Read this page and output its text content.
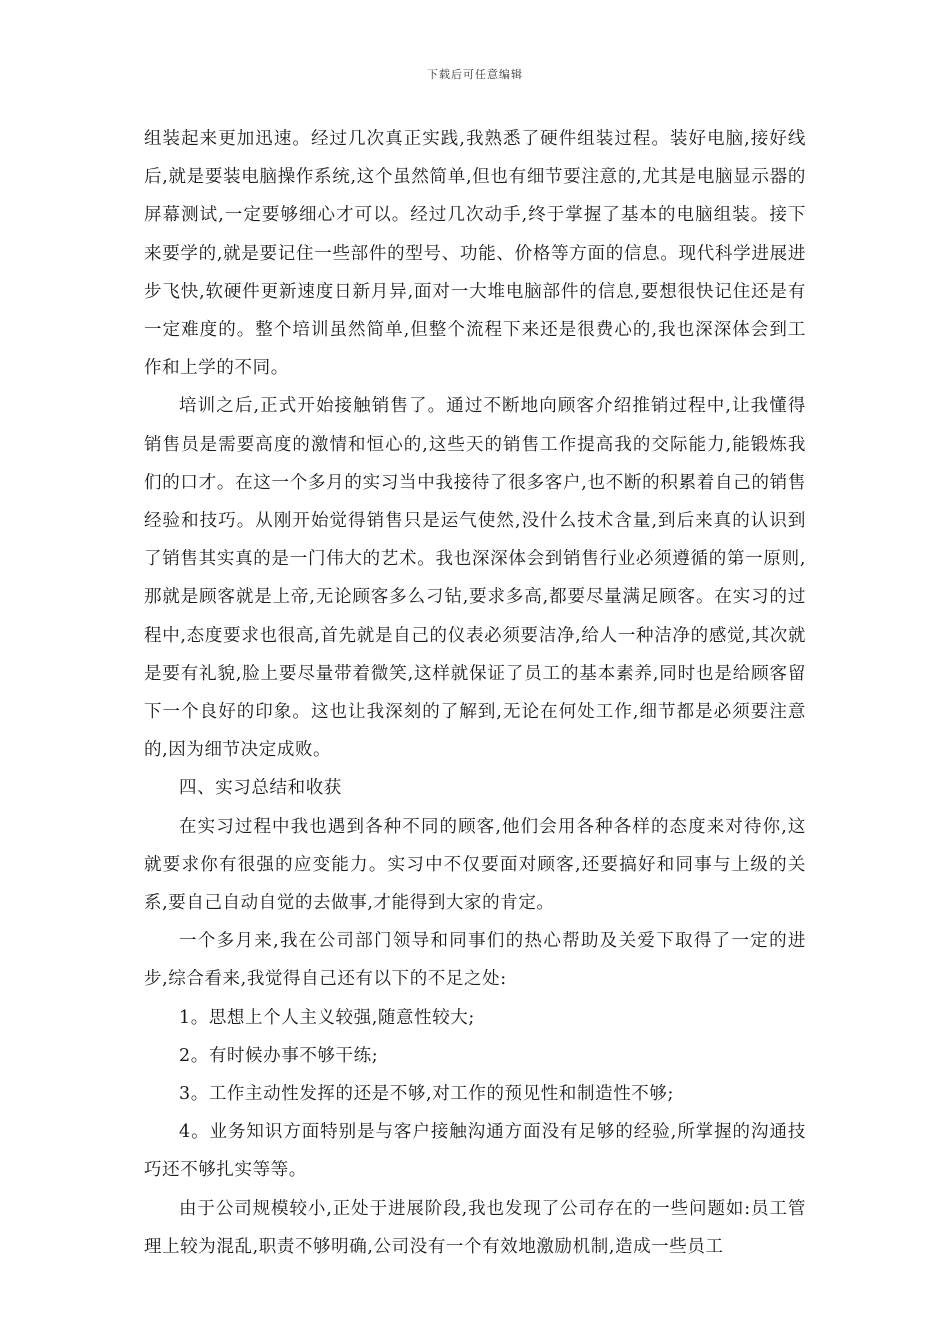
下载后可任意编辑

组装起来更加迅速。经过几次真正实践,我熟悉了硬件组装过程。装好电脑,接好线后,就是要装电脑操作系统,这个虽然简单,但也有细节要注意的,尤其是电脑显示器的屏幕测试,一定要够细心才可以。经过几次动手,终于掌握了基本的电脑组装。接下来要学的,就是要记住一些部件的型号、功能、价格等方面的信息。现代科学进展进步飞快,软硬件更新速度日新月异,面对一大堆电脑部件的信息,要想很快记住还是有一定难度的。整个培训虽然简单,但整个流程下来还是很费心的,我也深深体会到工作和上学的不同。

培训之后,正式开始接触销售了。通过不断地向顾客介绍推销过程中,让我懂得销售员是需要高度的激情和恒心的,这些天的销售工作提高我的交际能力,能锻炼我们的口才。在这一个多月的实习当中我接待了很多客户,也不断的积累着自己的销售经验和技巧。从刚开始觉得销售只是运气使然,没什么技术含量,到后来真的认识到了销售其实真的是一门伟大的艺术。我也深深体会到销售行业必须遵循的第一原则,那就是顾客就是上帝,无论顾客多么刁钻,要求多高,都要尽量满足顾客。在实习的过程中,态度要求也很高,首先就是自己的仪表必须要洁净,给人一种洁净的感觉,其次就是要有礼貌,脸上要尽量带着微笑,这样就保证了员工的基本素养,同时也是给顾客留下一个良好的印象。这也让我深刻的了解到,无论在何处工作,细节都是必须要注意的,因为细节决定成败。

四、实习总结和收获

在实习过程中我也遇到各种不同的顾客,他们会用各种各样的态度来对待你,这就要求你有很强的应变能力。实习中不仅要面对顾客,还要搞好和同事与上级的关系,要自己自动自觉的去做事,才能得到大家的肯定。

一个多月来,我在公司部门领导和同事们的热心帮助及关爱下取得了一定的进步,综合看来,我觉得自己还有以下的不足之处:

1。思想上个人主义较强,随意性较大;

2。有时候办事不够干练;

3。工作主动性发挥的还是不够,对工作的预见性和制造性不够;

4。业务知识方面特别是与客户接触沟通方面没有足够的经验,所掌握的沟通技巧还不够扎实等等。

由于公司规模较小,正处于进展阶段,我也发现了公司存在的一些问题如:员工管理上较为混乱,职责不够明确,公司没有一个有效地激励机制,造成一些员工
